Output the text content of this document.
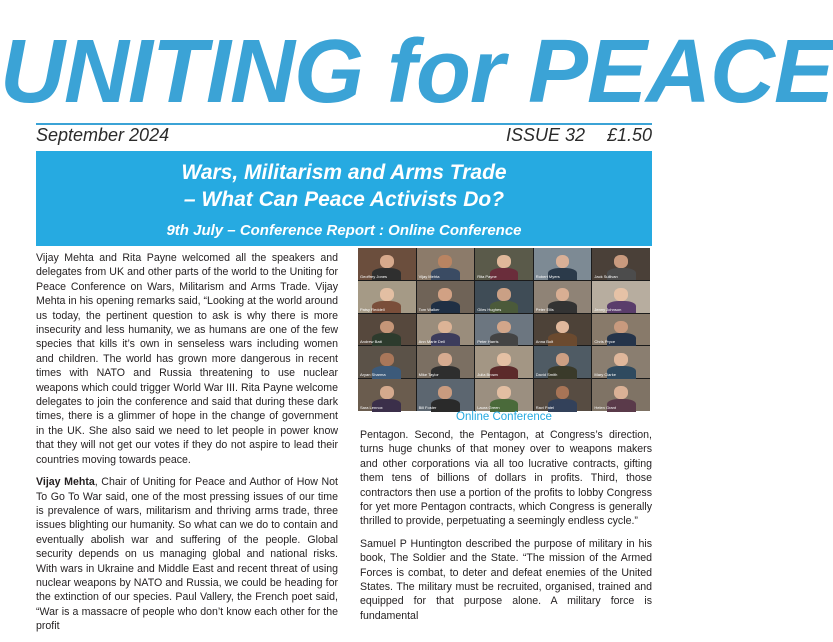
UNITING for PEACE
September 2024	ISSUE 32 £1.50
Wars, Militarism and Arms Trade
– What Can Peace Activists Do?
9th July – Conference Report : Online Conference

Vijay Mehta and Rita Payne welcomed all the speakers and delegates from UK and other parts of the world to the Uniting for Peace Conference on Wars, Militarism and Arms Trade. Vijay Mehta in his opening remarks said, “Looking at the world around us today, the pertinent question to ask is why there is more insecurity and less humanity, we as humans are one of the few species that kills it’s own in senseless wars including women and children. The world has grown more dangerous in recent times with NATO and Russia threatening to use nuclear weapons which could trigger World War III. Rita Payne welcome delegates to join the conference and said that during these dark times, there is a glimmer of hope in the change of government in the UK. She also said we need to let people in power know that they will not get our votes if they do not aspire to lead their countries moving towards peace.

Vijay Mehta, Chair of Uniting for Peace and Author of How Not To Go To War said, one of the most pressing issues of our time is prevalence of wars, militarism and thriving arms trade, three issues blighting our humanity. So what can we do to contain and eventually abolish war and suffering of the people. Global security depends on us managing global and national risks. With wars in Ukraine and Middle East and recent threat of using nuclear weapons by NATO and Russia, we could be heading for the extinction of our species. Paul Vallery, the French poet said, “War is a massacre of people who don’t know each other for the profit

Geoffrey Jones	Vijay Mehta	Rita Payne	Robert Myers	Jack Sullivan
Patsy Reddell	Tom Walker	Giles Hughes	Peter Ellis	Jenny Johnson
Andrew Batt	Ann Marie Dell	Peter Harris	Anna Bolt	Chris Pryce
Aryan Sharma	Mike Taylor	Julia Brown	David Smith	Mary Clarke
Sara Lennox	Bill Foster	Laura Green	Ravi Patel	Helen Grant
Online Conference

Pentagon. Second, the Pentagon, at Congress’s direction, turns huge chunks of that money over to weapons makers and other corporations via all too lucrative contracts, gifting them tens of billions of dollars in profits. Third, those contractors then use a portion of the profits to lobby Congress for yet more Pentagon contracts, which Congress is generally thrilled to provide, perpetuating a seemingly endless cycle.”

Samuel P Huntington described the purpose of military in his book, The Soldier and the State. “The mission of the Armed Forces is combat, to deter and defeat enemies of the United States. The military must be recruited, organised, trained and equipped for that purpose alone. A military force is fundamental
